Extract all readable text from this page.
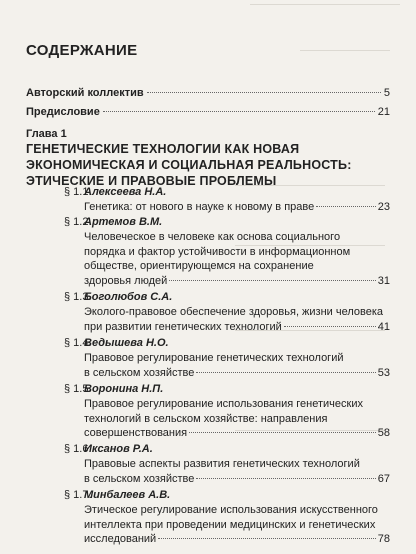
СОДЕРЖАНИЕ
Авторский коллектив	5
Предисловие	21
Глава 1
ГЕНЕТИЧЕСКИЕ ТЕХНОЛОГИИ КАК НОВАЯ
ЭКОНОМИЧЕСКАЯ И СОЦИАЛЬНАЯ РЕАЛЬНОСТЬ:
ЭТИЧЕСКИЕ И ПРАВОВЫЕ ПРОБЛЕМЫ
§ 1.1.
Алексеева Н.А.
Генетика: от нового в науке к новому в праве	23
§ 1.2.
Артемов В.М.
Человеческое в человеке как основа социального
порядка и фактор устойчивости в информационном
обществе, ориентирующемся на сохранение
здоровья людей	31
§ 1.3.
Боголюбов С.А.
Эколого-правовое обеспечение здоровья, жизни человека
при развитии генетических технологий	41
§ 1.4.
Ведышева Н.О.
Правовое регулирование генетических технологий
в сельском хозяйстве	53
§ 1.5.
Воронина Н.П.
Правовое регулирование использования генетических
технологий в сельском хозяйстве: направления
совершенствования	58
§ 1.6.
Иксанов Р.А.
Правовые аспекты развития генетических технологий
в сельском хозяйстве	67
§ 1.7.
Минбалеев А.В.
Этическое регулирование использования искусственного
интеллекта при проведении медицинских и генетических
исследований	78
